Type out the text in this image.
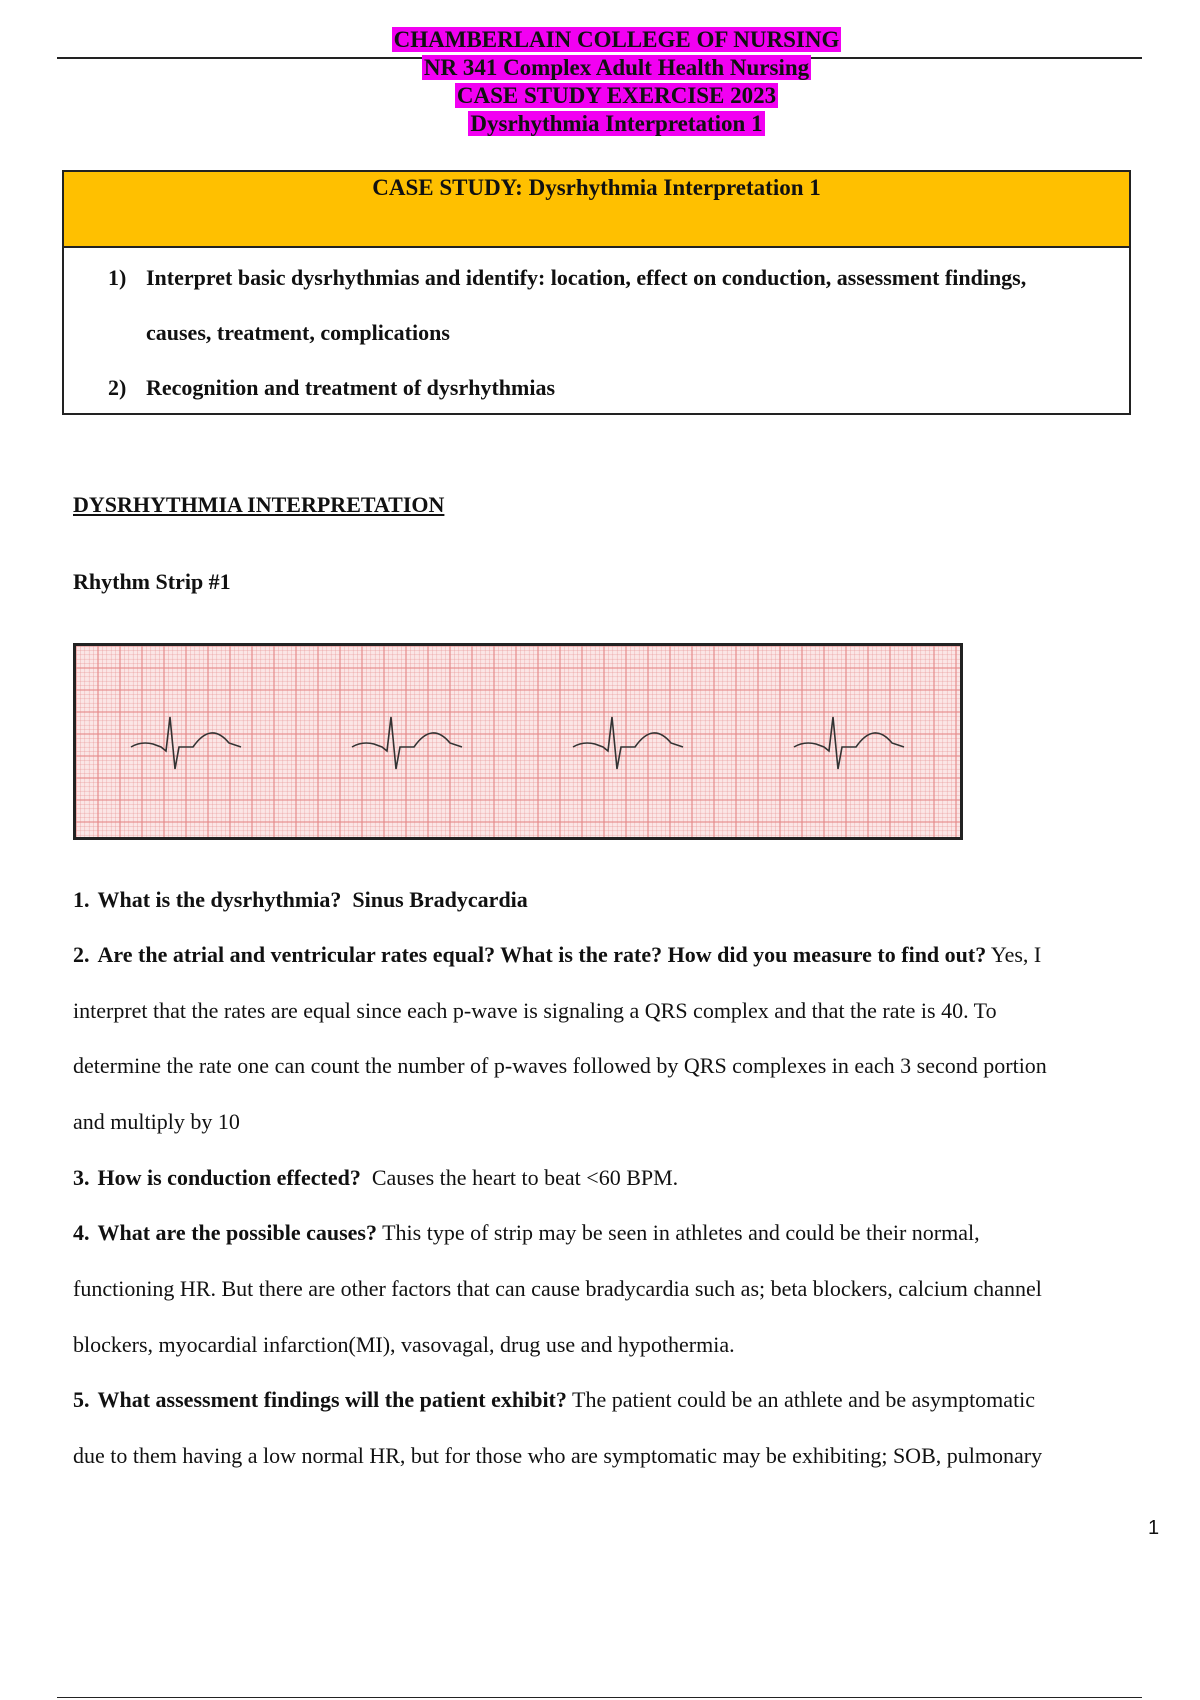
CHAMBERLAIN COLLEGE OF NURSING
NR 341 Complex Adult Health Nursing
CASE STUDY EXERCISE 2023
Dysrhythmia Interpretation 1
CASE STUDY: Dysrhythmia Interpretation 1
1) Interpret basic dysrhythmias and identify: location, effect on conduction, assessment findings,
causes, treatment, complications
2) Recognition and treatment of dysrhythmias
DYSRHYTHMIA INTERPRETATION
Rhythm Strip #1
1. What is the dysrhythmia? Sinus Bradycardia
2. Are the atrial and ventricular rates equal? What is the rate? How did you measure to find out? Yes, I
interpret that the rates are equal since each p-wave is signaling a QRS complex and that the rate is 40. To
determine the rate one can count the number of p-waves followed by QRS complexes in each 3 second portion
and multiply by 10
3. How is conduction effected? Causes the heart to beat <60 BPM.
4. What are the possible causes? This type of strip may be seen in athletes and could be their normal,
functioning HR. But there are other factors that can cause bradycardia such as; beta blockers, calcium channel
blockers, myocardial infarction(MI), vasovagal, drug use and hypothermia.
5. What assessment findings will the patient exhibit? The patient could be an athlete and be asymptomatic
due to them having a low normal HR, but for those who are symptomatic may be exhibiting; SOB, pulmonary
1
